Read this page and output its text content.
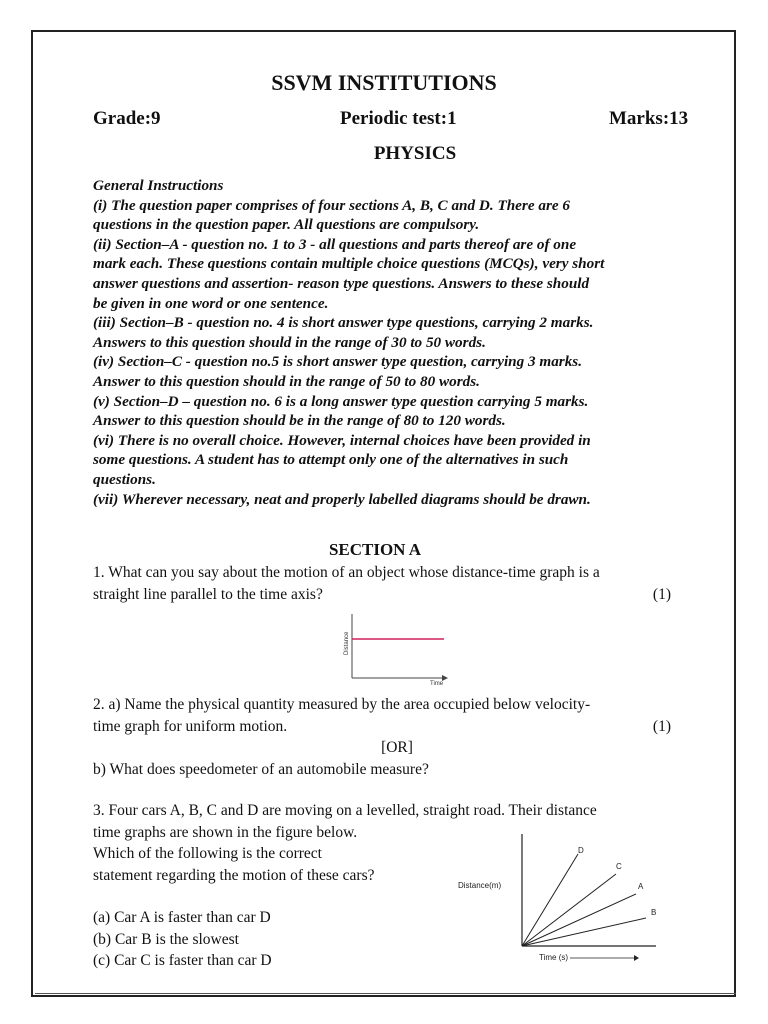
SSVM INSTITUTIONS
Grade:9	Periodic test:1	Marks:13
PHYSICS
General Instructions
(i) The question paper comprises of four sections A, B, C and D. There are 6
questions in the question paper. All questions are compulsory.
(ii) Section–A - question no. 1 to 3 - all questions and parts thereof are of one
mark each. These questions contain multiple choice questions (MCQs), very short
answer questions and assertion- reason type questions. Answers to these should
be given in one word or one sentence.
(iii) Section–B - question no. 4 is short answer type questions, carrying 2 marks.
Answers to this question should in the range of 30 to 50 words.
(iv) Section–C - question no.5 is short answer type question, carrying 3 marks.
Answer to this question should in the range of 50 to 80 words.
(v) Section–D – question no. 6 is a long answer type question carrying 5 marks.
Answer to this question should be in the range of 80 to 120 words.
(vi) There is no overall choice. However, internal choices have been provided in
some questions. A student has to attempt only one of the alternatives in such
questions.
(vii) Wherever necessary, neat and properly labelled diagrams should be drawn.
SECTION A
1. What can you say about the motion of an object whose distance-time graph is a
straight line parallel to the time axis?	(1)
Distance
Time
2. a) Name the physical quantity measured by the area occupied below velocity-
time graph for uniform motion.	(1)
[OR]
b) What does speedometer of an automobile measure?
3. Four cars A, B, C and D are moving on a levelled, straight road. Their distance
time graphs are shown in the figure below.
Which of the following is the correct
statement regarding the motion of these cars?
(a) Car A is faster than car D
(b) Car B is the slowest
(c) Car C is faster than car D
D
C
A
B
Distance(m)
Time (s)
